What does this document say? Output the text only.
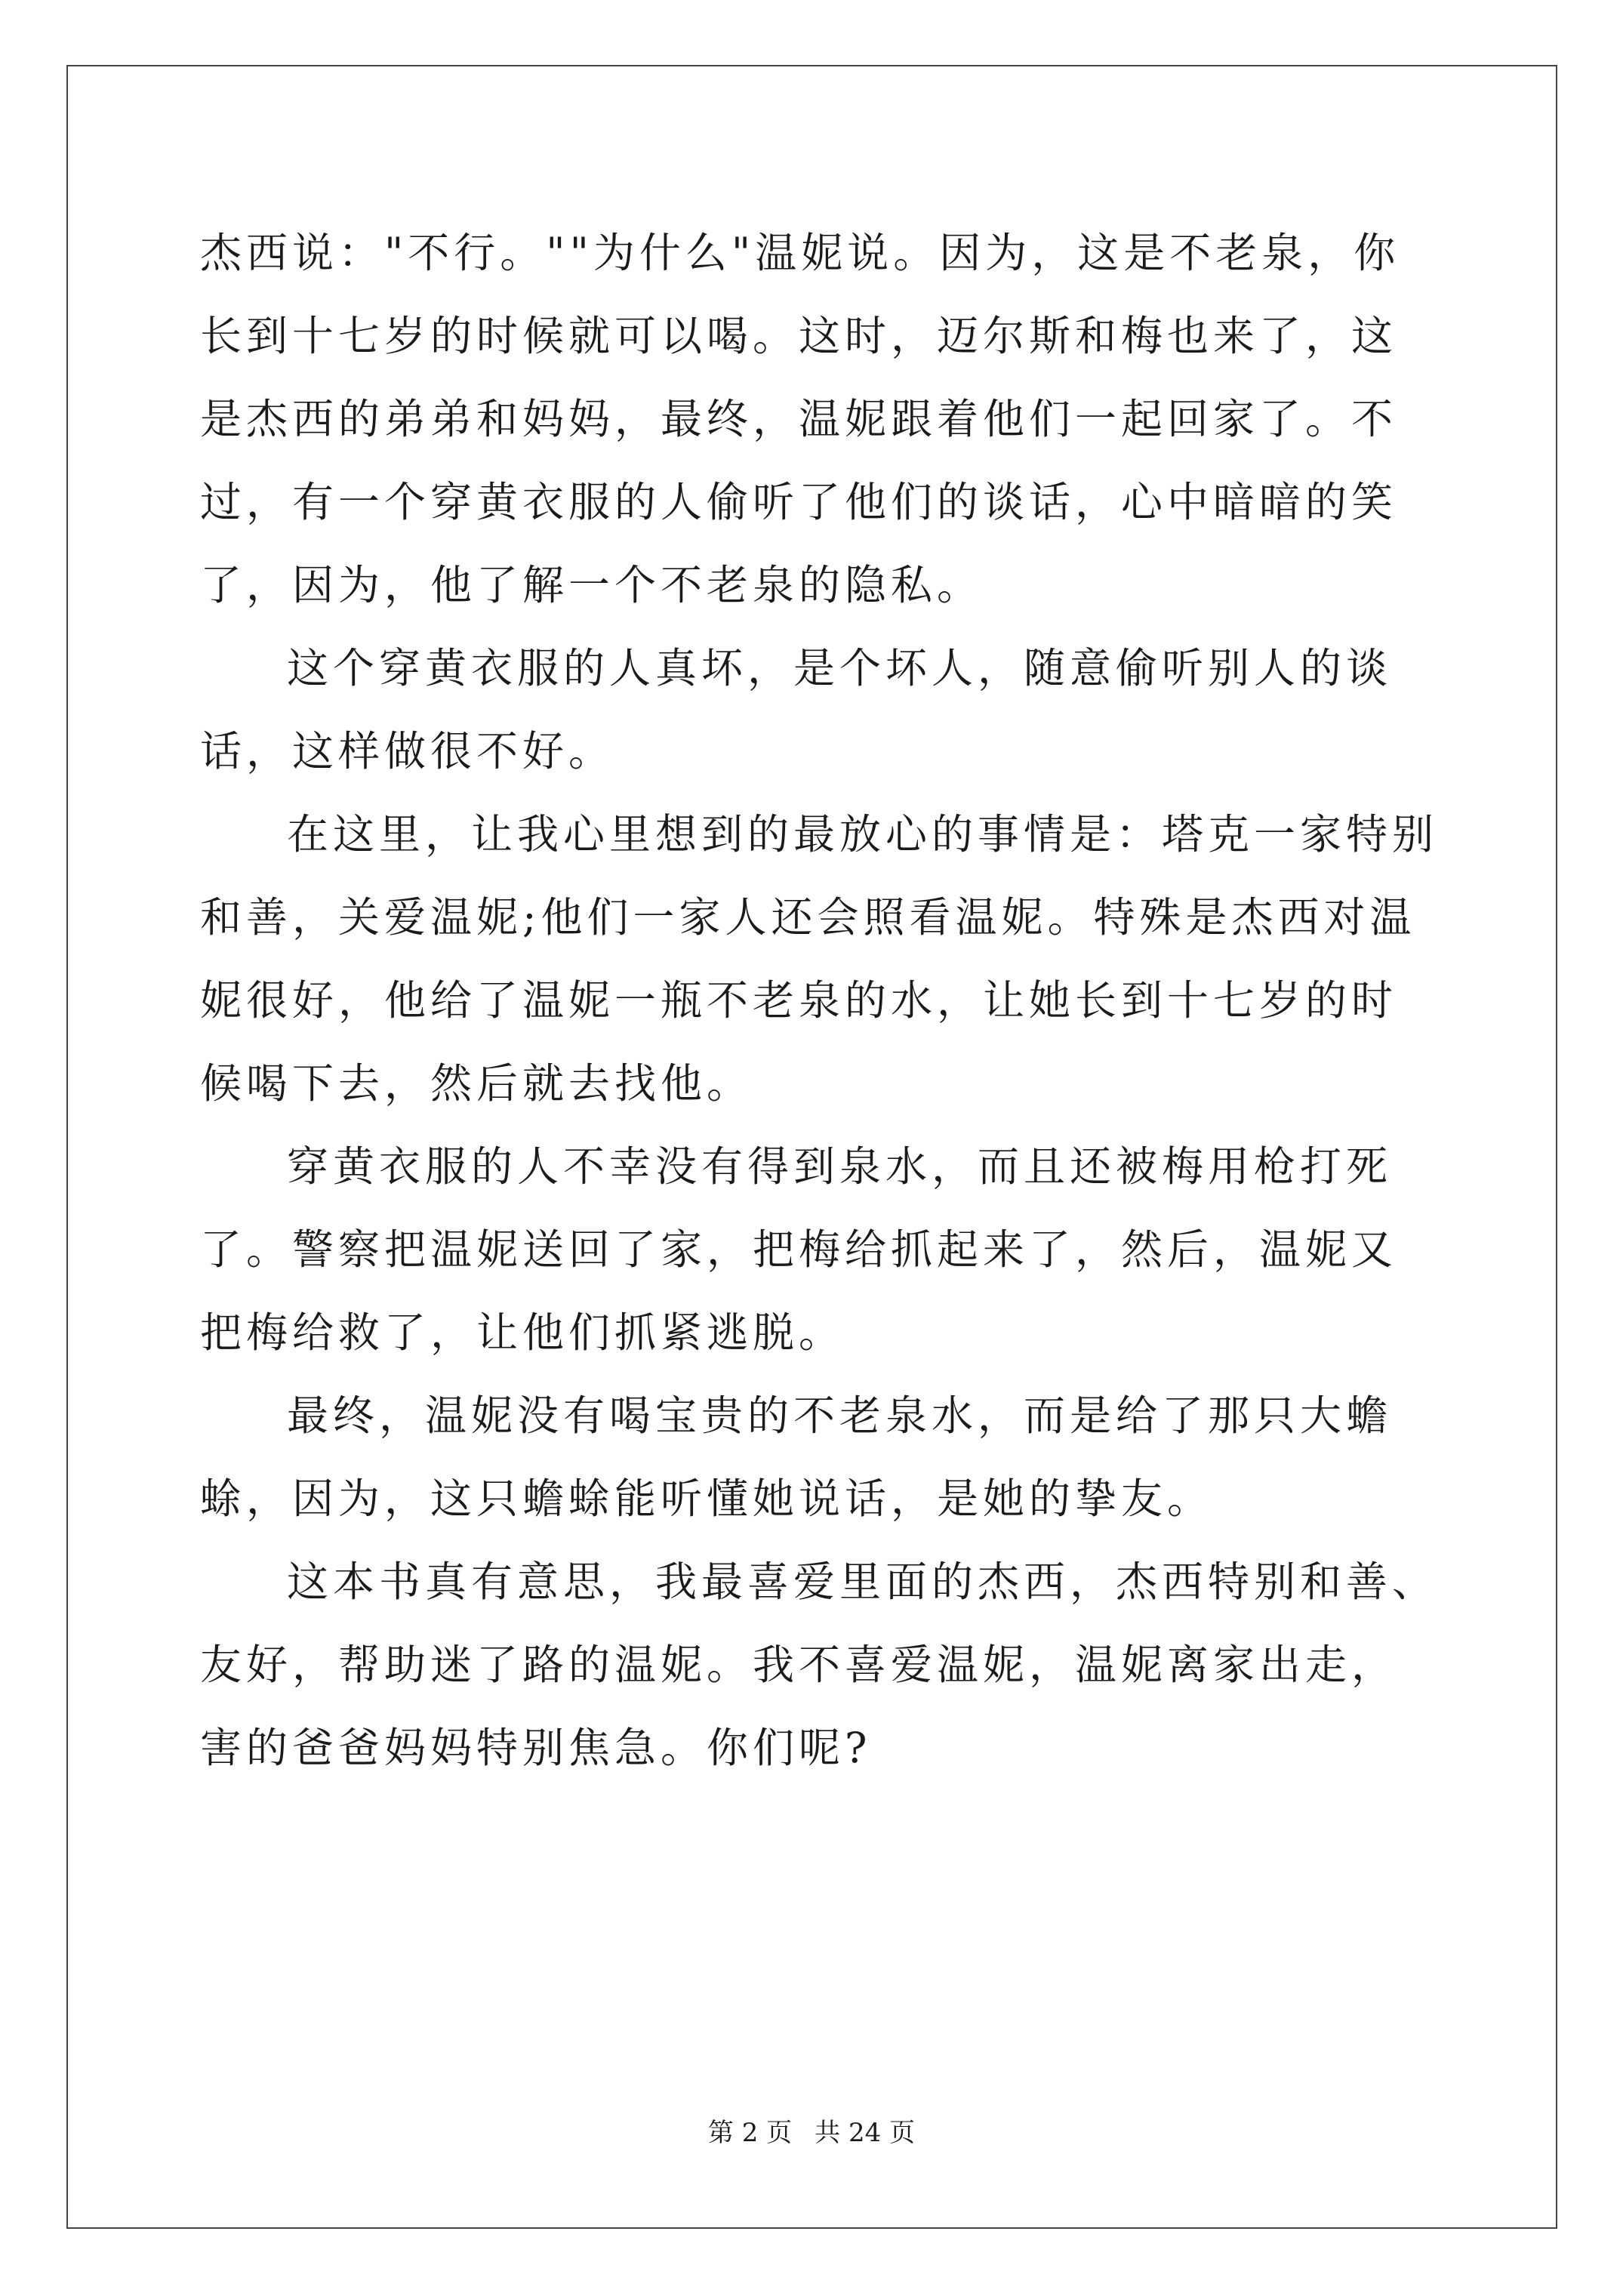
杰西说："不行。""为什么"温妮说。因为，这是不老泉，你长到十七岁的时候就可以喝。这时，迈尔斯和梅也来了，这是杰西的弟弟和妈妈，最终，温妮跟着他们一起回家了。不过，有一个穿黄衣服的人偷听了他们的谈话，心中暗暗的笑了，因为，他了解一个不老泉的隐私。

这个穿黄衣服的人真坏，是个坏人，随意偷听别人的谈话，这样做很不好。

在这里，让我心里想到的最放心的事情是：塔克一家特别和善，关爱温妮;他们一家人还会照看温妮。特殊是杰西对温妮很好，他给了温妮一瓶不老泉的水，让她长到十七岁的时候喝下去，然后就去找他。

穿黄衣服的人不幸没有得到泉水，而且还被梅用枪打死了。警察把温妮送回了家，把梅给抓起来了，然后，温妮又把梅给救了，让他们抓紧逃脱。

最终，温妮没有喝宝贵的不老泉水，而是给了那只大蟾蜍，因为，这只蟾蜍能听懂她说话，是她的挚友。

这本书真有意思，我最喜爱里面的杰西，杰西特别和善、友好，帮助迷了路的温妮。我不喜爱温妮，温妮离家出走，害的爸爸妈妈特别焦急。你们呢?

第 2 页 共 24 页
